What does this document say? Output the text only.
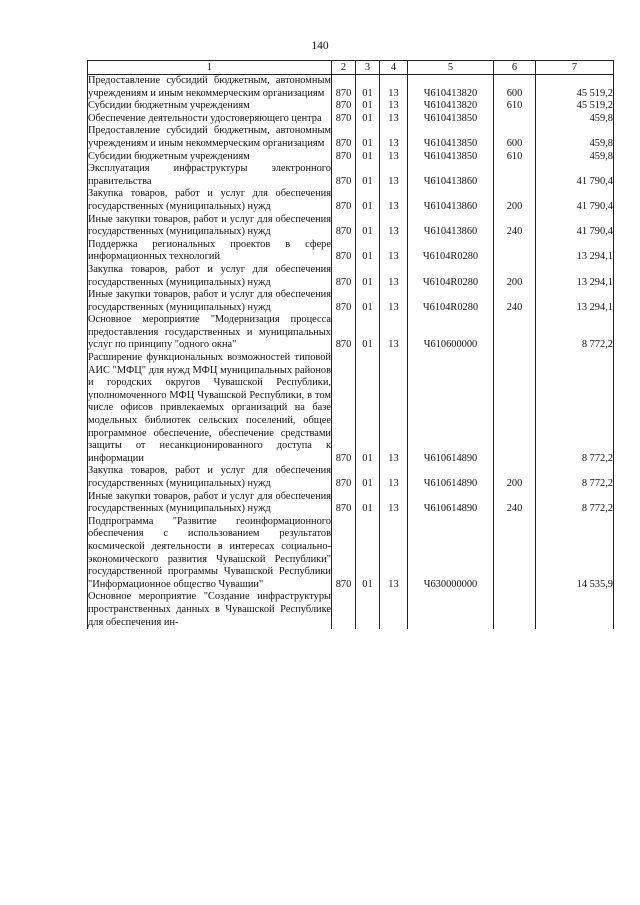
140
1	2	3	4	5	6	7
Предоставление субсидий бюджетным, автономным учреждениям и иным некоммерческим организациям	870	01	13	Ч610413820	600	45 519,2
Субсидии бюджетным учреждениям	870	01	13	Ч610413820	610	45 519,2
Обеспечение деятельности удостоверяющего центра	870	01	13	Ч610413850		459,8
Предоставление субсидий бюджетным, автономным учреждениям и иным некоммерческим организациям	870	01	13	Ч610413850	600	459,8
Субсидии бюджетным учреждениям	870	01	13	Ч610413850	610	459,8
Эксплуатация инфраструктуры электронного правительства	870	01	13	Ч610413860		41 790,4
Закупка товаров, работ и услуг для обеспечения государственных (муниципальных) нужд	870	01	13	Ч610413860	200	41 790,4
Иные закупки товаров, работ и услуг для обеспечения государственных (муниципальных) нужд	870	01	13	Ч610413860	240	41 790,4
Поддержка региональных проектов в сфере информационных технологий	870	01	13	Ч6104R0280		13 294,1
Закупка товаров, работ и услуг для обеспечения государственных (муниципальных) нужд	870	01	13	Ч6104R0280	200	13 294,1
Иные закупки товаров, работ и услуг для обеспечения государственных (муниципальных) нужд	870	01	13	Ч6104R0280	240	13 294,1
Основное мероприятие "Модернизация процесса предоставления государственных и муниципальных услуг по принципу "одного окна"	870	01	13	Ч610600000		8 772,2
Расширение функциональных возможностей типовой АИС "МФЦ" для нужд МФЦ муниципальных районов и городских округов Чувашской Республики, уполномоченного МФЦ Чувашской Республики, в том числе офисов привлекаемых организаций на базе модельных библиотек сельских поселений, общее программное обеспечение, обеспечение средствами защиты от несанкционированного доступа к информации	870	01	13	Ч610614890		8 772,2
Закупка товаров, работ и услуг для обеспечения государственных (муниципальных) нужд	870	01	13	Ч610614890	200	8 772,2
Иные закупки товаров, работ и услуг для обеспечения государственных (муниципальных) нужд	870	01	13	Ч610614890	240	8 772,2
Подпрограмма "Развитие геоинформационного обеспечения с использованием результатов космической деятельности в интересах социально-экономического развития Чувашской Республики" государственной программы Чувашской Республики "Информационное общество Чувашии"	870	01	13	Ч630000000		14 535,9
Основное мероприятие "Создание инфраструктуры пространственных данных в Чувашской Республике для обеспечения ин-						
